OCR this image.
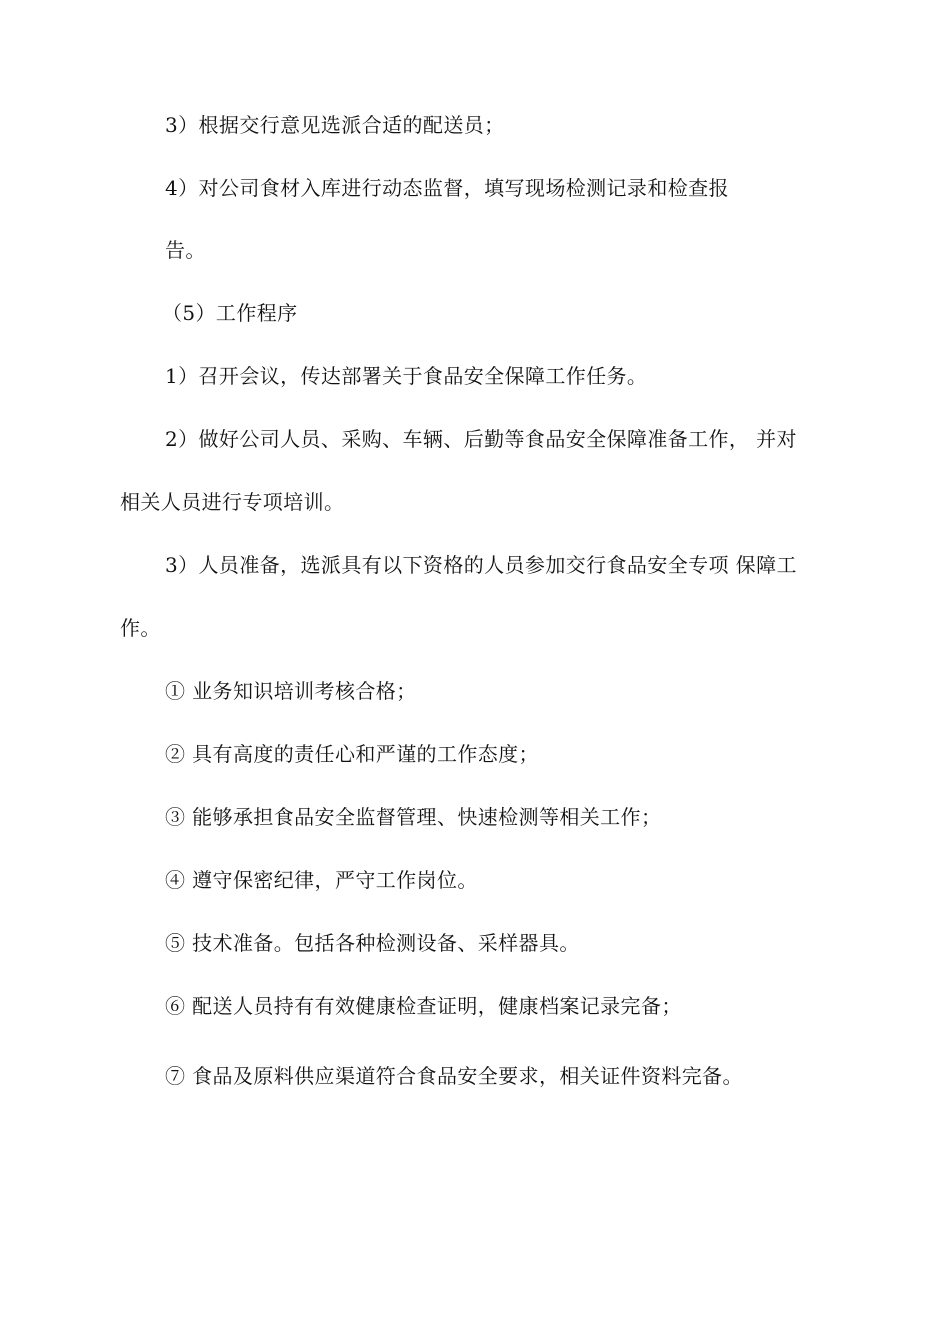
3）根据交行意见选派合适的配送员；
4）对公司食材入库进行动态监督，填写现场检测记录和检查报
告。
（5）工作程序
1）召开会议，传达部署关于食品安全保障工作任务。
2）做好公司人员、采购、车辆、后勤等食品安全保障准备工作， 并对
相关人员进行专项培训。
3）人员准备，选派具有以下资格的人员参加交行食品安全专项 保障工
作。
① 业务知识培训考核合格；
② 具有高度的责任心和严谨的工作态度；
③ 能够承担食品安全监督管理、快速检测等相关工作；
④ 遵守保密纪律，严守工作岗位。
⑤ 技术准备。包括各种检测设备、采样器具。
⑥ 配送人员持有有效健康检查证明，健康档案记录完备；
⑦ 食品及原料供应渠道符合食品安全要求，相关证件资料完备。
